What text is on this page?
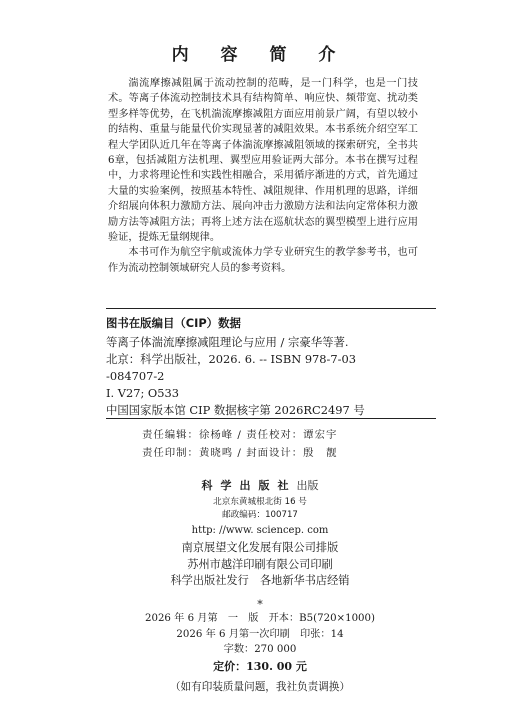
内 容 简 介

湍流摩擦减阻属于流动控制的范畴，是一门科学，也是一门技术。等离子体流动控制技术具有结构简单、响应快、频带宽、扰动类型多样等优势，在飞机湍流摩擦减阻方面应用前景广阔，有望以较小的结构、重量与能量代价实现显著的减阻效果。本书系统介绍空军工程大学团队近几年在等离子体湍流摩擦减阻领域的探索研究，全书共6章，包括减阻方法机理、翼型应用验证两大部分。本书在撰写过程中，力求将理论性和实践性相融合，采用循序渐进的方式，首先通过大量的实验案例，按照基本特性、减阻规律、作用机理的思路，详细介绍展向体积力激励方法、展向冲击力激励方法和法向定常体积力激励方法等减阻方法；再将上述方法在巡航状态的翼型模型上进行应用验证，提炼无量纲规律。

本书可作为航空宇航或流体力学专业研究生的教学参考书，也可作为流动控制领域研究人员的参考资料。

图书在版编目（CIP）数据
等离子体湍流摩擦减阻理论与应用 / 宗豪华等著.
北京：科学出版社，2026. 6. -- ISBN 978-7-03
-084707-2
Ⅰ. V27; O533
中国国家版本馆 CIP 数据核字第 2026RC2497 号
责任编辑：徐杨峰 / 责任校对：谭宏宇
责任印制：黄晓鸣 / 封面设计：殷　靓
科学出版社出版
北京东黄城根北街 16 号
邮政编码：100717
http: //www. sciencep. com
南京展望文化发展有限公司排版
苏州市越洋印刷有限公司印刷
科学出版社发行　各地新华书店经销
*
2026 年 6 月第　一　版　开本：B5(720×1000)
2026 年 6 月第一次印刷　印张：14
字数：270 000
定价：130. 00 元
（如有印装质量问题，我社负责调换）
